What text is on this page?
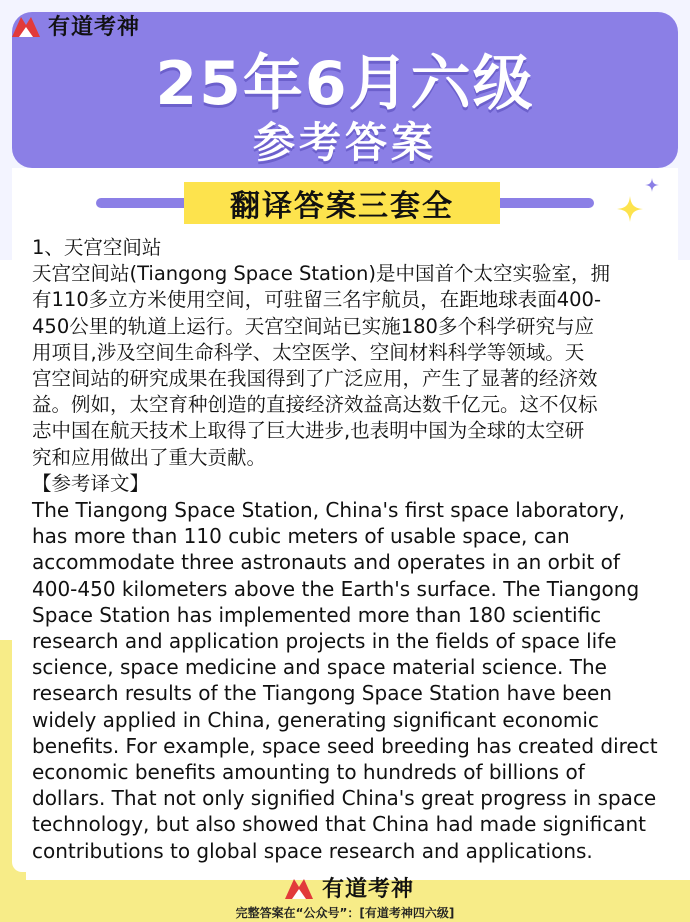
有道考神
25年6月六级
参考答案
翻译答案三套全

1、天宫空间站

天宫空间站(Tiangong Space Station)是中国首个太空实验室，拥

有110多立方米使用空间，可驻留三名宇航员，在距地球表面400-

450公里的轨道上运行。天宫空间站已实施180多个科学研究与应

用项目,涉及空间生命科学、太空医学、空间材料科学等领域。天

宫空间站的研究成果在我国得到了广泛应用，产生了显著的经济效

益。例如，太空育种创造的直接经济效益高达数千亿元。这不仅标

志中国在航天技术上取得了巨大进步,也表明中国为全球的太空研

究和应用做出了重大贡献。

【参考译文】

The Tiangong Space Station, China's first space laboratory,

has more than 110 cubic meters of usable space, can

accommodate three astronauts and operates in an orbit of

400-450 kilometers above the Earth's surface. The Tiangong

Space Station has implemented more than 180 scientific

research and application projects in the fields of space life

science, space medicine and space material science. The

research results of the Tiangong Space Station have been

widely applied in China, generating significant economic

benefits. For example, space seed breeding has created direct

economic benefits amounting to hundreds of billions of

dollars. That not only signified China's great progress in space

technology, but also showed that China had made significant

contributions to global space research and applications.

有道考神
完整答案在“公众号”：[有道考神四六级]
